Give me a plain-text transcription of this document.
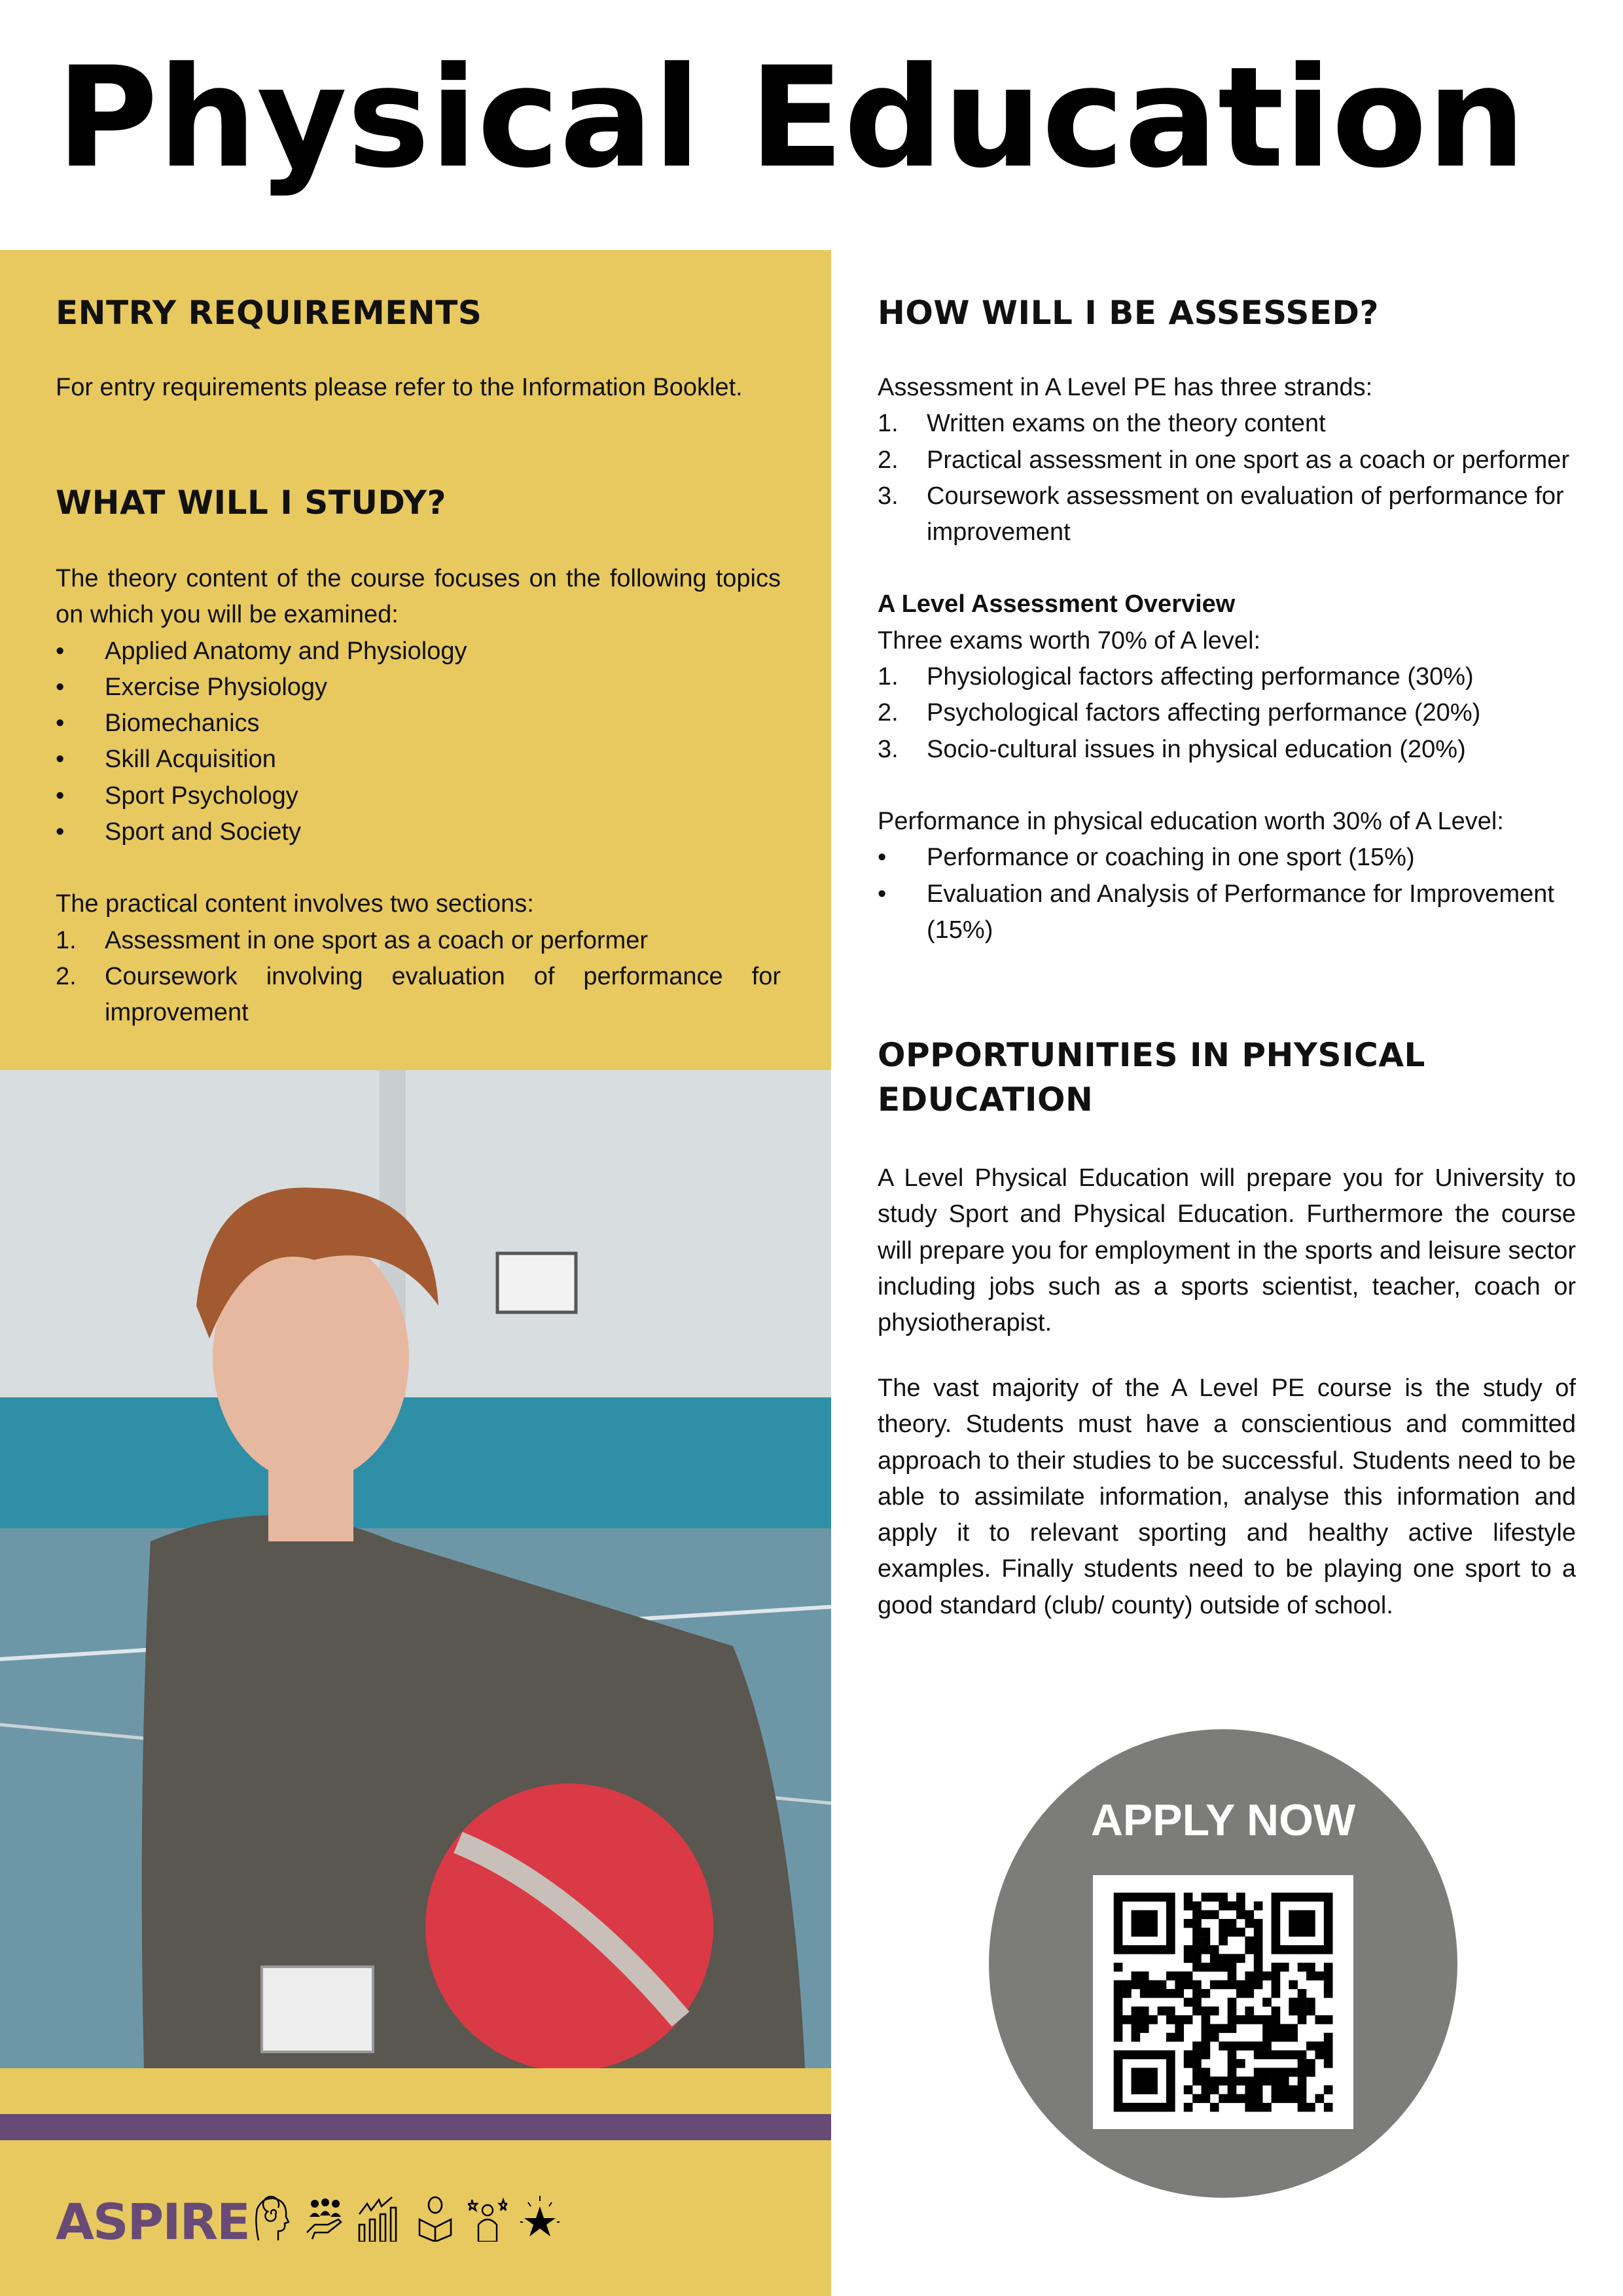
Physical Education
ENTRY REQUIREMENTS
For entry requirements please refer to the Information Booklet.
WHAT WILL I STUDY?
The theory content of the course focuses on the following topics on which you will be examined:
• Applied Anatomy and Physiology
• Exercise Physiology
• Biomechanics
• Skill Acquisition
• Sport Psychology
• Sport and Society
The practical content involves two sections:
1. Assessment in one sport as a coach or performer
2. Coursework involving evaluation of performance for improvement
HOW WILL I BE ASSESSED?
Assessment in A Level PE has three strands:
1. Written exams on the theory content
2. Practical assessment in one sport as a coach or performer
3. Coursework assessment on evaluation of performance for improvement
A Level Assessment Overview
Three exams worth 70% of A level:
1. Physiological factors affecting performance (30%)
2. Psychological factors affecting performance (20%)
3. Socio-cultural issues in physical education (20%)
Performance in physical education worth 30% of A Level:
• Performance or coaching in one sport (15%)
• Evaluation and Analysis of Performance for Improvement (15%)
OPPORTUNITIES IN PHYSICAL EDUCATION
A Level Physical Education will prepare you for University to study Sport and Physical Education. Furthermore the course will prepare you for employment in the sports and leisure sector including jobs such as a sports scientist, teacher, coach or physiotherapist.
The vast majority of the A Level PE course is the study of theory. Students must have a conscientious and committed approach to their studies to be successful. Students need to be able to assimilate information, analyse this information and apply it to relevant sporting and healthy active lifestyle examples. Finally students need to be playing one sport to a good standard (club/ county) outside of school.
APPLY NOW
ASPIRE
